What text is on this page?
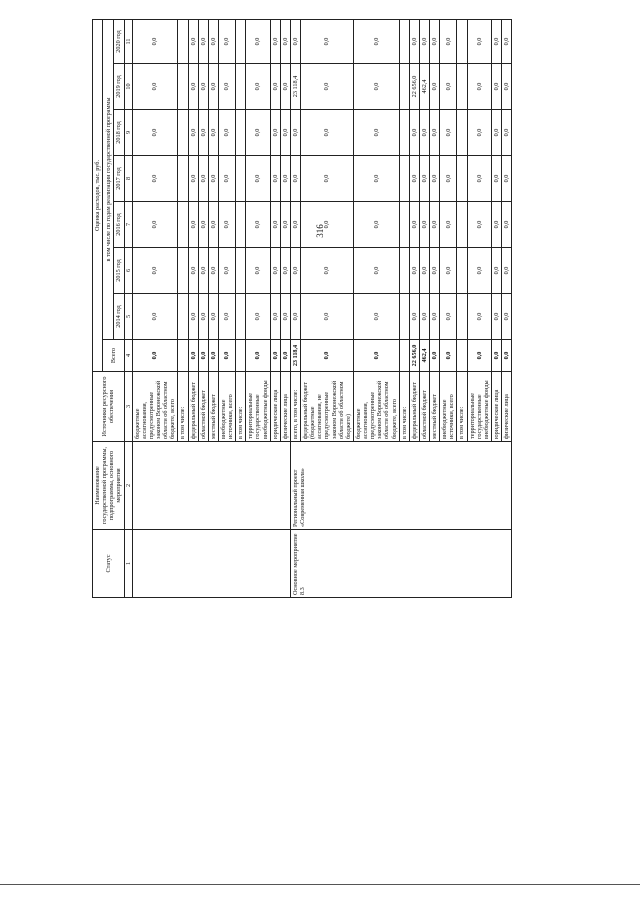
316
Статус	Наименование государственной программы, подпрограммы, основного мероприятия	Источники ресурсного обеспечения	Оценка расходов, тыс. руб.							
			Всего	в том числе по годам реализации государственной программы						
				2014 год	2015 год	2016 год	2017 год	2018 год	2019 год	2020 год
1	2	3	4	5	6	7	8	9	10	11
		бюджетные ассигнования, предусмотренные законом Воронежской области об областном бюджете, всего	0,0	0,0	0,0	0,0	0,0	0,0	0,0	0,0
		в том числе:								
		федеральный бюджет	0,0	0,0	0,0	0,0	0,0	0,0	0,0	0,0
		областной бюджет	0,0	0,0	0,0	0,0	0,0	0,0	0,0	0,0
		местный бюджет	0,0	0,0	0,0	0,0	0,0	0,0	0,0	0,0
		внебюджетные источники, всего	0,0	0,0	0,0	0,0	0,0	0,0	0,0	0,0
		в том числе:								
		территориальные государственные внебюджетные фонды	0,0	0,0	0,0	0,0	0,0	0,0	0,0	0,0
		юридические лица	0,0	0,0	0,0	0,0	0,0	0,0	0,0	0,0
		физические лица	0,0	0,0	0,0	0,0	0,0	0,0	0,0	0,0
Основное мероприятие 8.3	Региональный проект «Современная школа»	всего, в том числе:	23 118,4	0,0	0,0	0,0	0,0	0,0	23 118,4	0,0
		федеральный бюджет (бюджетные ассигнования, не предусмотренные законом Воронежской области об областном бюджете)	0,0	0,0	0,0	0,0	0,0	0,0	0,0	0,0
		бюджетные ассигнования, предусмотренные законом Воронежской области об областном бюджете, всего	0,0	0,0	0,0	0,0	0,0	0,0	0,0	0,0
		в том числе:								
		федеральный бюджет	22 656,0	0,0	0,0	0,0	0,0	0,0	22 656,0	0,0
		областной бюджет	462,4	0,0	0,0	0,0	0,0	0,0	462,4	0,0
		местный бюджет	0,0	0,0	0,0	0,0	0,0	0,0	0,0	0,0
		внебюджетные источники, всего	0,0	0,0	0,0	0,0	0,0	0,0	0,0	0,0
		в том числе:								
		территориальные государственные внебюджетные фонды	0,0	0,0	0,0	0,0	0,0	0,0	0,0	0,0
		юридические лица	0,0	0,0	0,0	0,0	0,0	0,0	0,0	0,0
		физические лица	0,0	0,0	0,0	0,0	0,0	0,0	0,0	0,0
